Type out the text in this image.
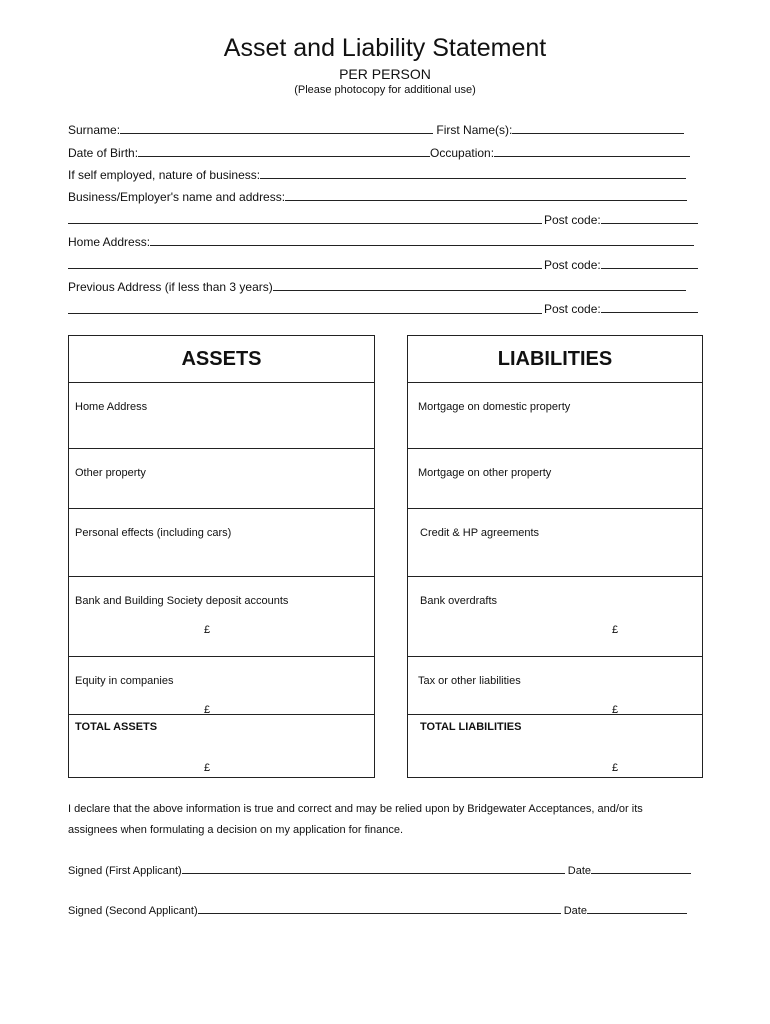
Asset and Liability Statement
PER PERSON
(Please photocopy for additional use)
Surname:	First Name(s):
Date of Birth:	Occupation:
If self employed, nature of business:
Business/Employer's name and address:
Post code:
Home Address:
Post code:
Previous Address (if less than 3 years)
Post code:
ASSETS
Home Address
Other property
Personal effects (including cars)
Bank and Building Society deposit accounts
£
Equity in companies
£
TOTAL ASSETS
£
LIABILITIES
Mortgage on domestic property
Mortgage on other property
Credit & HP agreements
Bank overdrafts
£
Tax or other liabilities
£
TOTAL LIABILITIES
£
I declare that the above information is true and correct and may be relied upon by Bridgewater Acceptances, and/or its
assignees when formulating a decision on my application for finance.
Signed (First Applicant)	Date
Signed (Second Applicant)	Date
